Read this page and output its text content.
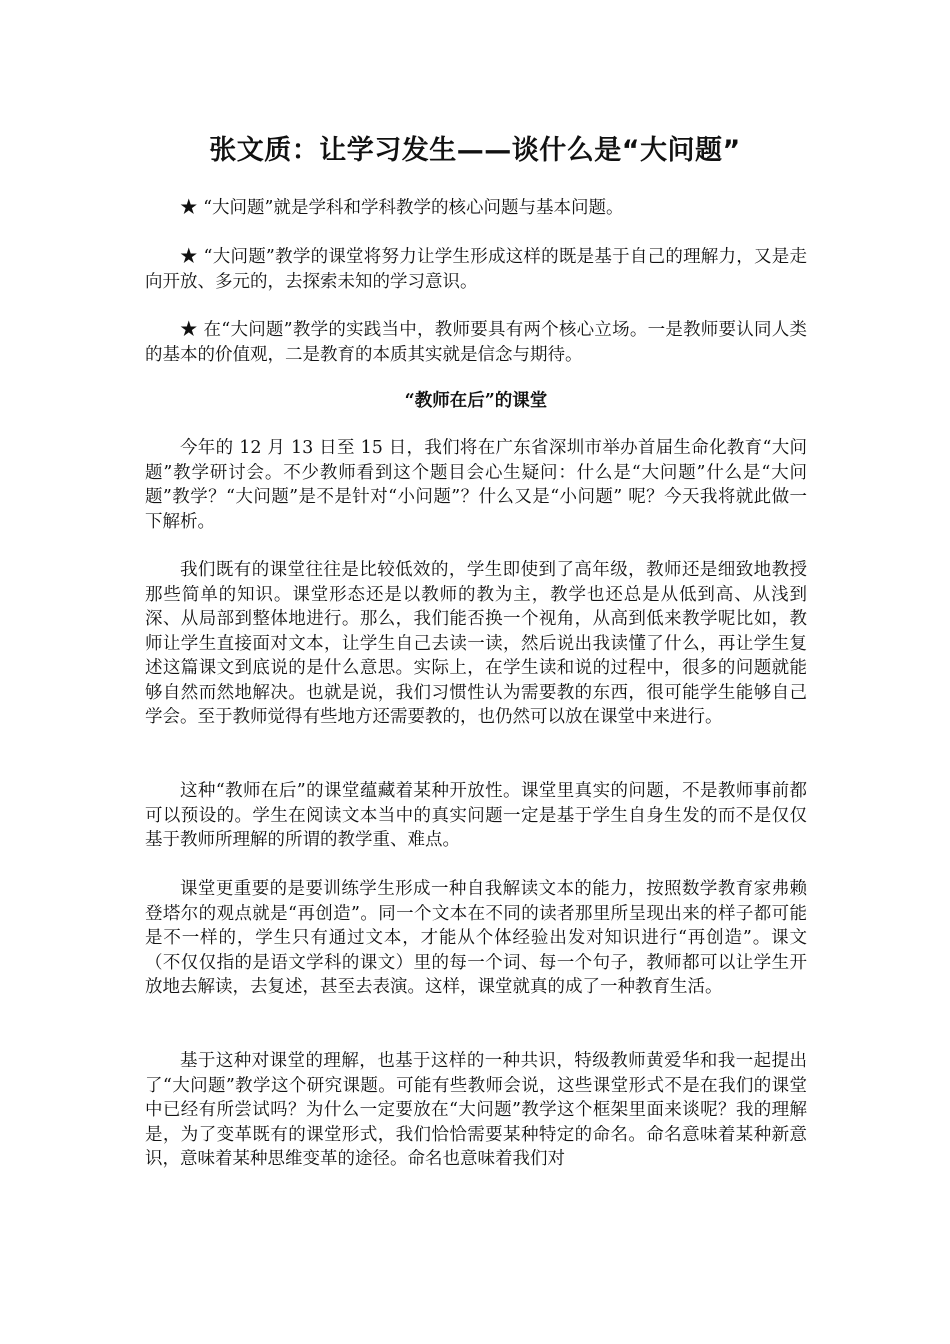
张文质：让学习发生——谈什么是“大问题”

★ “大问题”就是学科和学科教学的核心问题与基本问题。

★ “大问题”教学的课堂将努力让学生形成这样的既是基于自己的理解力，又是走向开放、多元的，去探索未知的学习意识。

★ 在“大问题”教学的实践当中，教师要具有两个核心立场。一是教师要认同人类的基本的价值观，二是教育的本质其实就是信念与期待。

“教师在后”的课堂

今年的 12 月 13 日至 15 日，我们将在广东省深圳市举办首届生命化教育“大问题”教学研讨会。不少教师看到这个题目会心生疑问：什么是“大问题”什么是“大问题”教学？“大问题”是不是针对“小问题”？什么又是“小问题” 呢？今天我将就此做一下解析。

我们既有的课堂往往是比较低效的，学生即使到了高年级，教师还是细致地教授那些简单的知识。课堂形态还是以教师的教为主，教学也还总是从低到高、从浅到深、从局部到整体地进行。那么，我们能否换一个视角，从高到低来教学呢比如，教师让学生直接面对文本，让学生自己去读一读，然后说出我读懂了什么，再让学生复述这篇课文到底说的是什么意思。实际上，在学生读和说的过程中，很多的问题就能够自然而然地解决。也就是说，我们习惯性认为需要教的东西，很可能学生能够自己学会。至于教师觉得有些地方还需要教的，也仍然可以放在课堂中来进行。

这种“教师在后”的课堂蕴藏着某种开放性。课堂里真实的问题，不是教师事前都可以预设的。学生在阅读文本当中的真实问题一定是基于学生自身生发的而不是仅仅基于教师所理解的所谓的教学重、难点。

课堂更重要的是要训练学生形成一种自我解读文本的能力，按照数学教育家弗赖登塔尔的观点就是“再创造”。同一个文本在不同的读者那里所呈现出来的样子都可能是不一样的，学生只有通过文本，才能从个体经验出发对知识进行“再创造”。课文（不仅仅指的是语文学科的课文）里的每一个词、每一个句子，教师都可以让学生开放地去解读，去复述，甚至去表演。这样，课堂就真的成了一种教育生活。

基于这种对课堂的理解，也基于这样的一种共识，特级教师黄爱华和我一起提出了“大问题”教学这个研究课题。可能有些教师会说，这些课堂形式不是在我们的课堂中已经有所尝试吗？为什么一定要放在“大问题”教学这个框架里面来谈呢？我的理解是，为了变革既有的课堂形式，我们恰恰需要某种特定的命名。命名意味着某种新意识，意味着某种思维变革的途径。命名也意味着我们对
